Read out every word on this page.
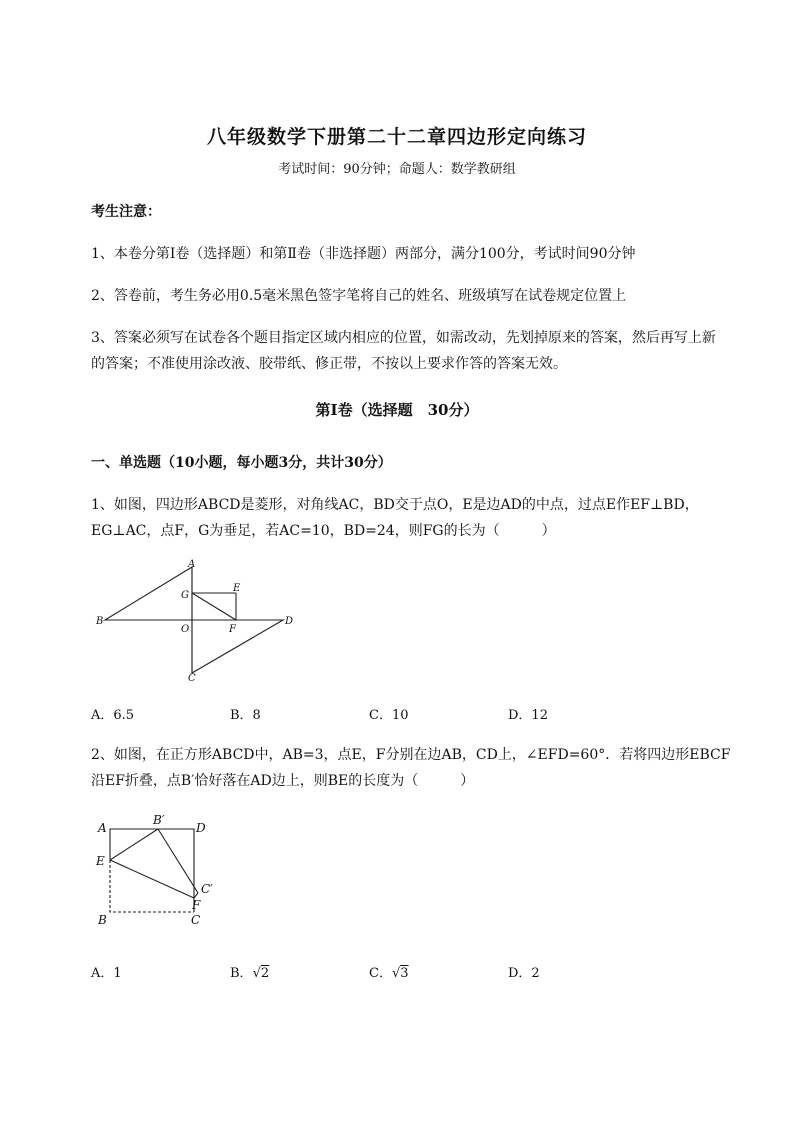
八年级数学下册第二十二章四边形定向练习
考试时间：90分钟；命题人：数学教研组
考生注意：
1、本卷分第I卷（选择题）和第Ⅱ卷（非选择题）两部分，满分100分，考试时间90分钟
2、答卷前，考生务必用0.5毫米黑色签字笔将自己的姓名、班级填写在试卷规定位置上
3、答案必须写在试卷各个题目指定区域内相应的位置，如需改动，先划掉原来的答案，然后再写上新
的答案；不准使用涂改液、胶带纸、修正带，不按以上要求作答的答案无效。
第I卷（选择题　30分）
一、单选题（10小题，每小题3分，共计30分）
1、如图，四边形ABCD是菱形，对角线AC，BD交于点O，E是边AD的中点，过点E作EF⊥BD，
EG⊥AC，点F，G为垂足，若AC=10，BD=24，则FG的长为（　　　）
A
B
C
D
E
F
G
O
A．6.5	B．8	C．10	D．12
2、如图，在正方形ABCD中，AB=3，点E，F分别在边AB，CD上，∠EFD=60°．若将四边形EBCF
沿EF折叠，点B′恰好落在AD边上，则BE的长度为（　　　）
A
B′
D
E
C′
F
B	C
A．1	B．√2	C．√3	D．2
